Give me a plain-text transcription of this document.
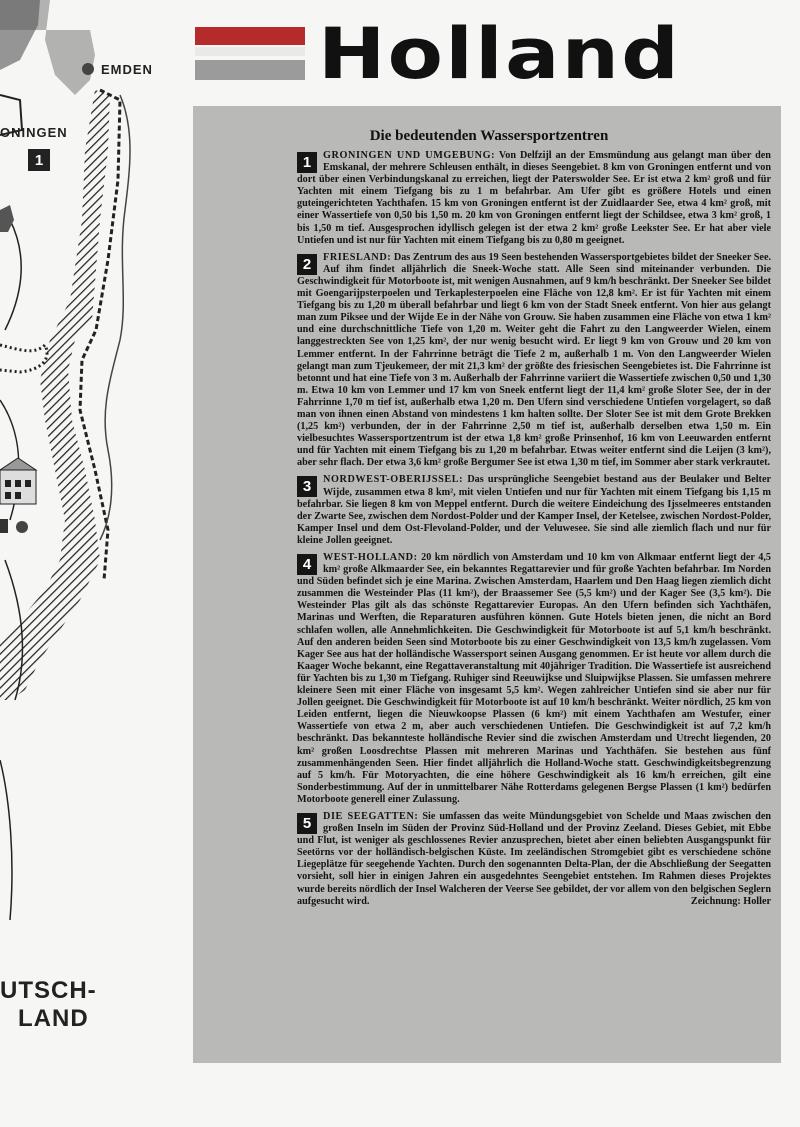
EMDEN
ONINGEN
1
UTSCH-
LAND
Holland
Die bedeutenden Wassersportzentren
1	GRONINGEN UND UMGEBUNG: Von Delfzijl an der Emsmündung aus gelangt man über den Emskanal, der mehrere Schleusen enthält, in dieses Seengebiet. 8 km von Groningen entfernt und von dort über einen Verbindungskanal zu erreichen, liegt der Paterswolder See. Er ist etwa 2 km² groß und für Yachten mit einem Tiefgang bis zu 1 m befahrbar. Am Ufer gibt es größere Hotels und einen guteingerichteten Yachthafen. 15 km von Groningen entfernt ist der Zuidlaarder See, etwa 4 km² groß, mit einer Wassertiefe von 0,50 bis 1,50 m. 20 km von Groningen entfernt liegt der Schildsee, etwa 3 km² groß, 1 bis 1,50 m tief. Ausgesprochen idyllisch gelegen ist der etwa 2 km² große Leekster See. Er hat aber viele Untiefen und ist nur für Yachten mit einem Tiefgang bis zu 0,80 m geeignet.

2	FRIESLAND: Das Zentrum des aus 19 Seen bestehenden Wassersportgebietes bildet der Sneeker See. Auf ihm findet alljährlich die Sneek-Woche statt. Alle Seen sind miteinander verbunden. Die Geschwindigkeit für Motorboote ist, mit wenigen Ausnahmen, auf 9 km/h beschränkt. Der Sneeker See bildet mit Goengarijpsterpoelen und Terkaplesterpoelen eine Fläche von 12,8 km². Er ist für Yachten mit einem Tiefgang bis zu 1,20 m überall befahrbar und liegt 6 km von der Stadt Sneek entfernt. Von hier aus gelangt man zum Piksee und der Wijde Ee in der Nähe von Grouw. Sie haben zusammen eine Fläche von etwa 1 km² und eine durchschnittliche Tiefe von 1,20 m. Weiter geht die Fahrt zu den Langweerder Wielen, einem langgestreckten See von 1,25 km², der nur wenig besucht wird. Er liegt 9 km von Grouw und 20 km von Lemmer entfernt. In der Fahrrinne beträgt die Tiefe 2 m, außerhalb 1 m. Von den Langweerder Wielen gelangt man zum Tjeukemeer, der mit 21,3 km² der größte des friesischen Seengebietes ist. Die Fahrrinne ist betonnt und hat eine Tiefe von 3 m. Außerhalb der Fahrrinne variiert die Wassertiefe zwischen 0,50 und 1,30 m. Etwa 10 km von Lemmer und 17 km von Sneek entfernt liegt der 11,4 km² große Sloter See, der in der Fahrrinne 1,70 m tief ist, außerhalb etwa 1,20 m. Den Ufern sind verschiedene Untiefen vorgelagert, so daß man von ihnen einen Abstand von mindestens 1 km halten sollte. Der Sloter See ist mit dem Grote Brekken (1,25 km²) verbunden, der in der Fahrrinne 2,50 m tief ist, außerhalb derselben etwa 1,50 m. Ein vielbesuchtes Wassersportzentrum ist der etwa 1,8 km² große Prinsenhof, 16 km von Leeuwarden entfernt und für Yachten mit einem Tiefgang bis zu 1,20 m befahrbar. Etwas weiter entfernt sind die Leijen (3 km²), aber sehr flach. Der etwa 3,6 km² große Bergumer See ist etwa 1,30 m tief, im Sommer aber stark verkrautet.

3	NORDWEST-OBERIJSSEL: Das ursprüngliche Seengebiet bestand aus der Beulaker und Belter Wijde, zusammen etwa 8 km², mit vielen Untiefen und nur für Yachten mit einem Tiefgang bis 1,15 m befahrbar. Sie liegen 8 km von Meppel entfernt. Durch die weitere Eindeichung des Ijsselmeeres entstanden der Zwarte See, zwischen dem Nordost-Polder und der Kamper Insel, der Ketelsee, zwischen Nordost-Polder, Kamper Insel und dem Ost-Flevoland-Polder, und der Veluwesee. Sie sind alle ziemlich flach und nur für kleine Jollen geeignet.

4	WEST-HOLLAND: 20 km nördlich von Amsterdam und 10 km von Alkmaar entfernt liegt der 4,5 km² große Alkmaarder See, ein bekanntes Regattarevier und für große Yachten befahrbar. Im Norden und Süden befindet sich je eine Marina. Zwischen Amsterdam, Haarlem und Den Haag liegen ziemlich dicht zusammen die Westeinder Plas (11 km²), der Braassemer See (5,5 km²) und der Kager See (3,5 km²). Die Westeinder Plas gilt als das schönste Regattarevier Europas. An den Ufern befinden sich Yachthäfen, Marinas und Werften, die Reparaturen ausführen können. Gute Hotels bieten jenen, die nicht an Bord schlafen wollen, alle Annehmlichkeiten. Die Geschwindigkeit für Motorboote ist auf 5,1 km/h beschränkt. Auf den anderen beiden Seen sind Motorboote bis zu einer Geschwindigkeit von 13,5 km/h zugelassen. Vom Kager See aus hat der holländische Wassersport seinen Ausgang genommen. Er ist heute vor allem durch die Kaager Woche bekannt, eine Regattaveranstaltung mit 40jähriger Tradition. Die Wassertiefe ist ausreichend für Yachten bis zu 1,30 m Tiefgang. Ruhiger sind Reeuwijkse und Sluipwijkse Plassen. Sie umfassen mehrere kleinere Seen mit einer Fläche von insgesamt 5,5 km². Wegen zahlreicher Untiefen sind sie aber nur für Jollen geeignet. Die Geschwindigkeit für Motorboote ist auf 10 km/h beschränkt. Weiter nördlich, 25 km von Leiden entfernt, liegen die Nieuwkoopse Plassen (6 km²) mit einem Yachthafen am Westufer, einer Wassertiefe von etwa 2 m, aber auch verschiedenen Untiefen. Die Geschwindigkeit ist auf 7,2 km/h beschränkt. Das bekannteste holländische Revier sind die zwischen Amsterdam und Utrecht liegenden, 20 km² großen Loosdrechtse Plassen mit mehreren Marinas und Yachthäfen. Sie bestehen aus fünf zusammenhängenden Seen. Hier findet alljährlich die Holland-Woche statt. Geschwindigkeitsbegrenzung auf 5 km/h. Für Motoryachten, die eine höhere Geschwindigkeit als 16 km/h erreichen, gilt eine Sonderbestimmung. Auf der in unmittelbarer Nähe Rotterdams gelegenen Bergse Plassen (1 km²) bedürfen Motorboote generell einer Zulassung.

5	DIE SEEGATTEN: Sie umfassen das weite Mündungsgebiet von Schelde und Maas zwischen den großen Inseln im Süden der Provinz Süd-Holland und der Provinz Zeeland. Dieses Gebiet, mit Ebbe und Flut, ist weniger als geschlossenes Revier anzusprechen, bietet aber einen beliebten Ausgangspunkt für Seetörns vor der holländisch-belgischen Küste. Im zeeländischen Stromgebiet gibt es verschiedene schöne Liegeplätze für seegehende Yachten. Durch den sogenannten Delta-Plan, der die Abschließung der Seegatten vorsieht, soll hier in einigen Jahren ein ausgedehntes Seengebiet entstehen. Im Rahmen dieses Projektes wurde bereits nördlich der Insel Walcheren der Veerse See gebildet, der vor allem von den belgischen Seglern aufgesucht wird.	Zeichnung: Holler
